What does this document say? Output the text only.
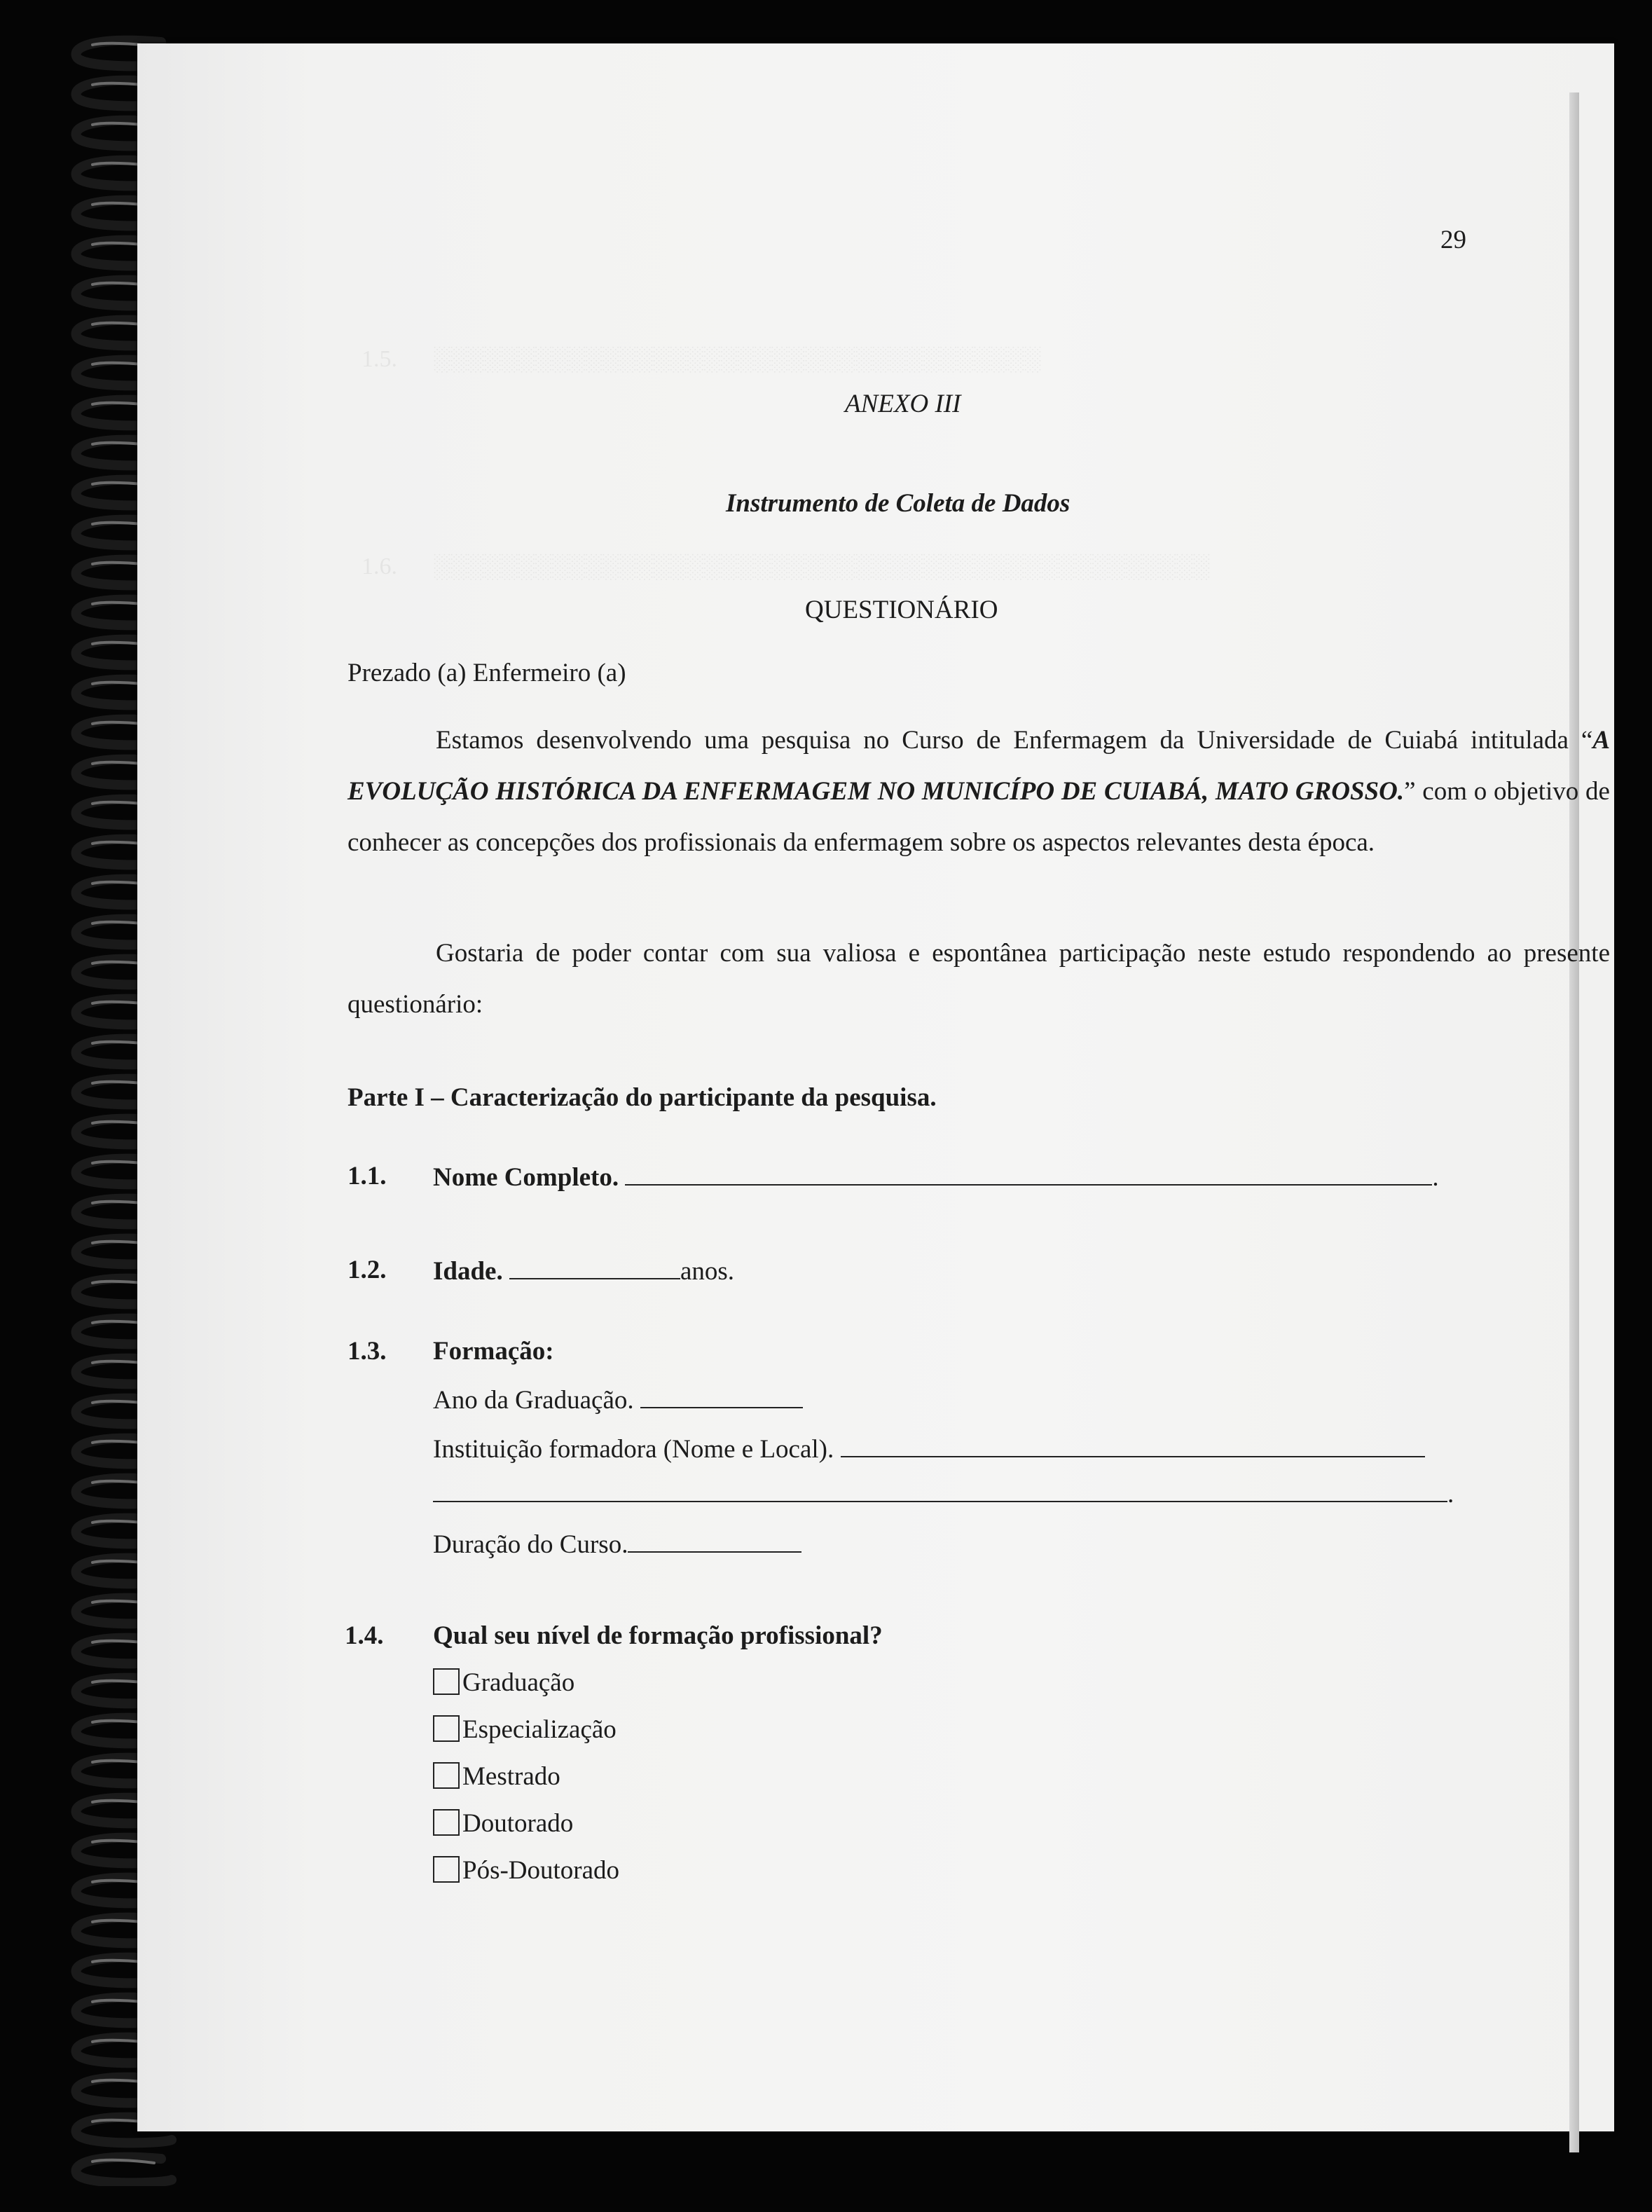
1.5.      ░░░░░░░░░░░░░░░░░░░░░░░░░░░░░░░░░░░░
1.6.      ░░░░░░░░░░░░░░░░░░░░░░░░░░░░░░░░░░░░░░░░░░░░░░
29
ANEXO III
Instrumento de Coleta de Dados
QUESTIONÁRIO
Prezado (a) Enfermeiro (a)
Estamos desenvolvendo uma pesquisa no Curso de Enfermagem da Universidade de Cuiabá intitulada “A EVOLUÇÃO HISTÓRICA DA ENFERMAGEM NO MUNICÍPO DE CUIABÁ, MATO GROSSO.” com o objetivo de conhecer as concepções dos profissionais da enfermagem sobre os aspectos relevantes desta época.
Gostaria de poder contar com sua valiosa e espontânea participação neste estudo respondendo ao presente questionário:
Parte I – Caracterização do participante da pesquisa.
1.1. Nome Completo.	.
1.2. Idade.	anos.
1.3. Formação:
Ano da Graduação.
Instituição formadora (Nome e Local).
.
Duração do Curso.
1.4. Qual seu nível de formação profissional?
Graduação
Especialização
Mestrado
Doutorado
Pós-Doutorado
